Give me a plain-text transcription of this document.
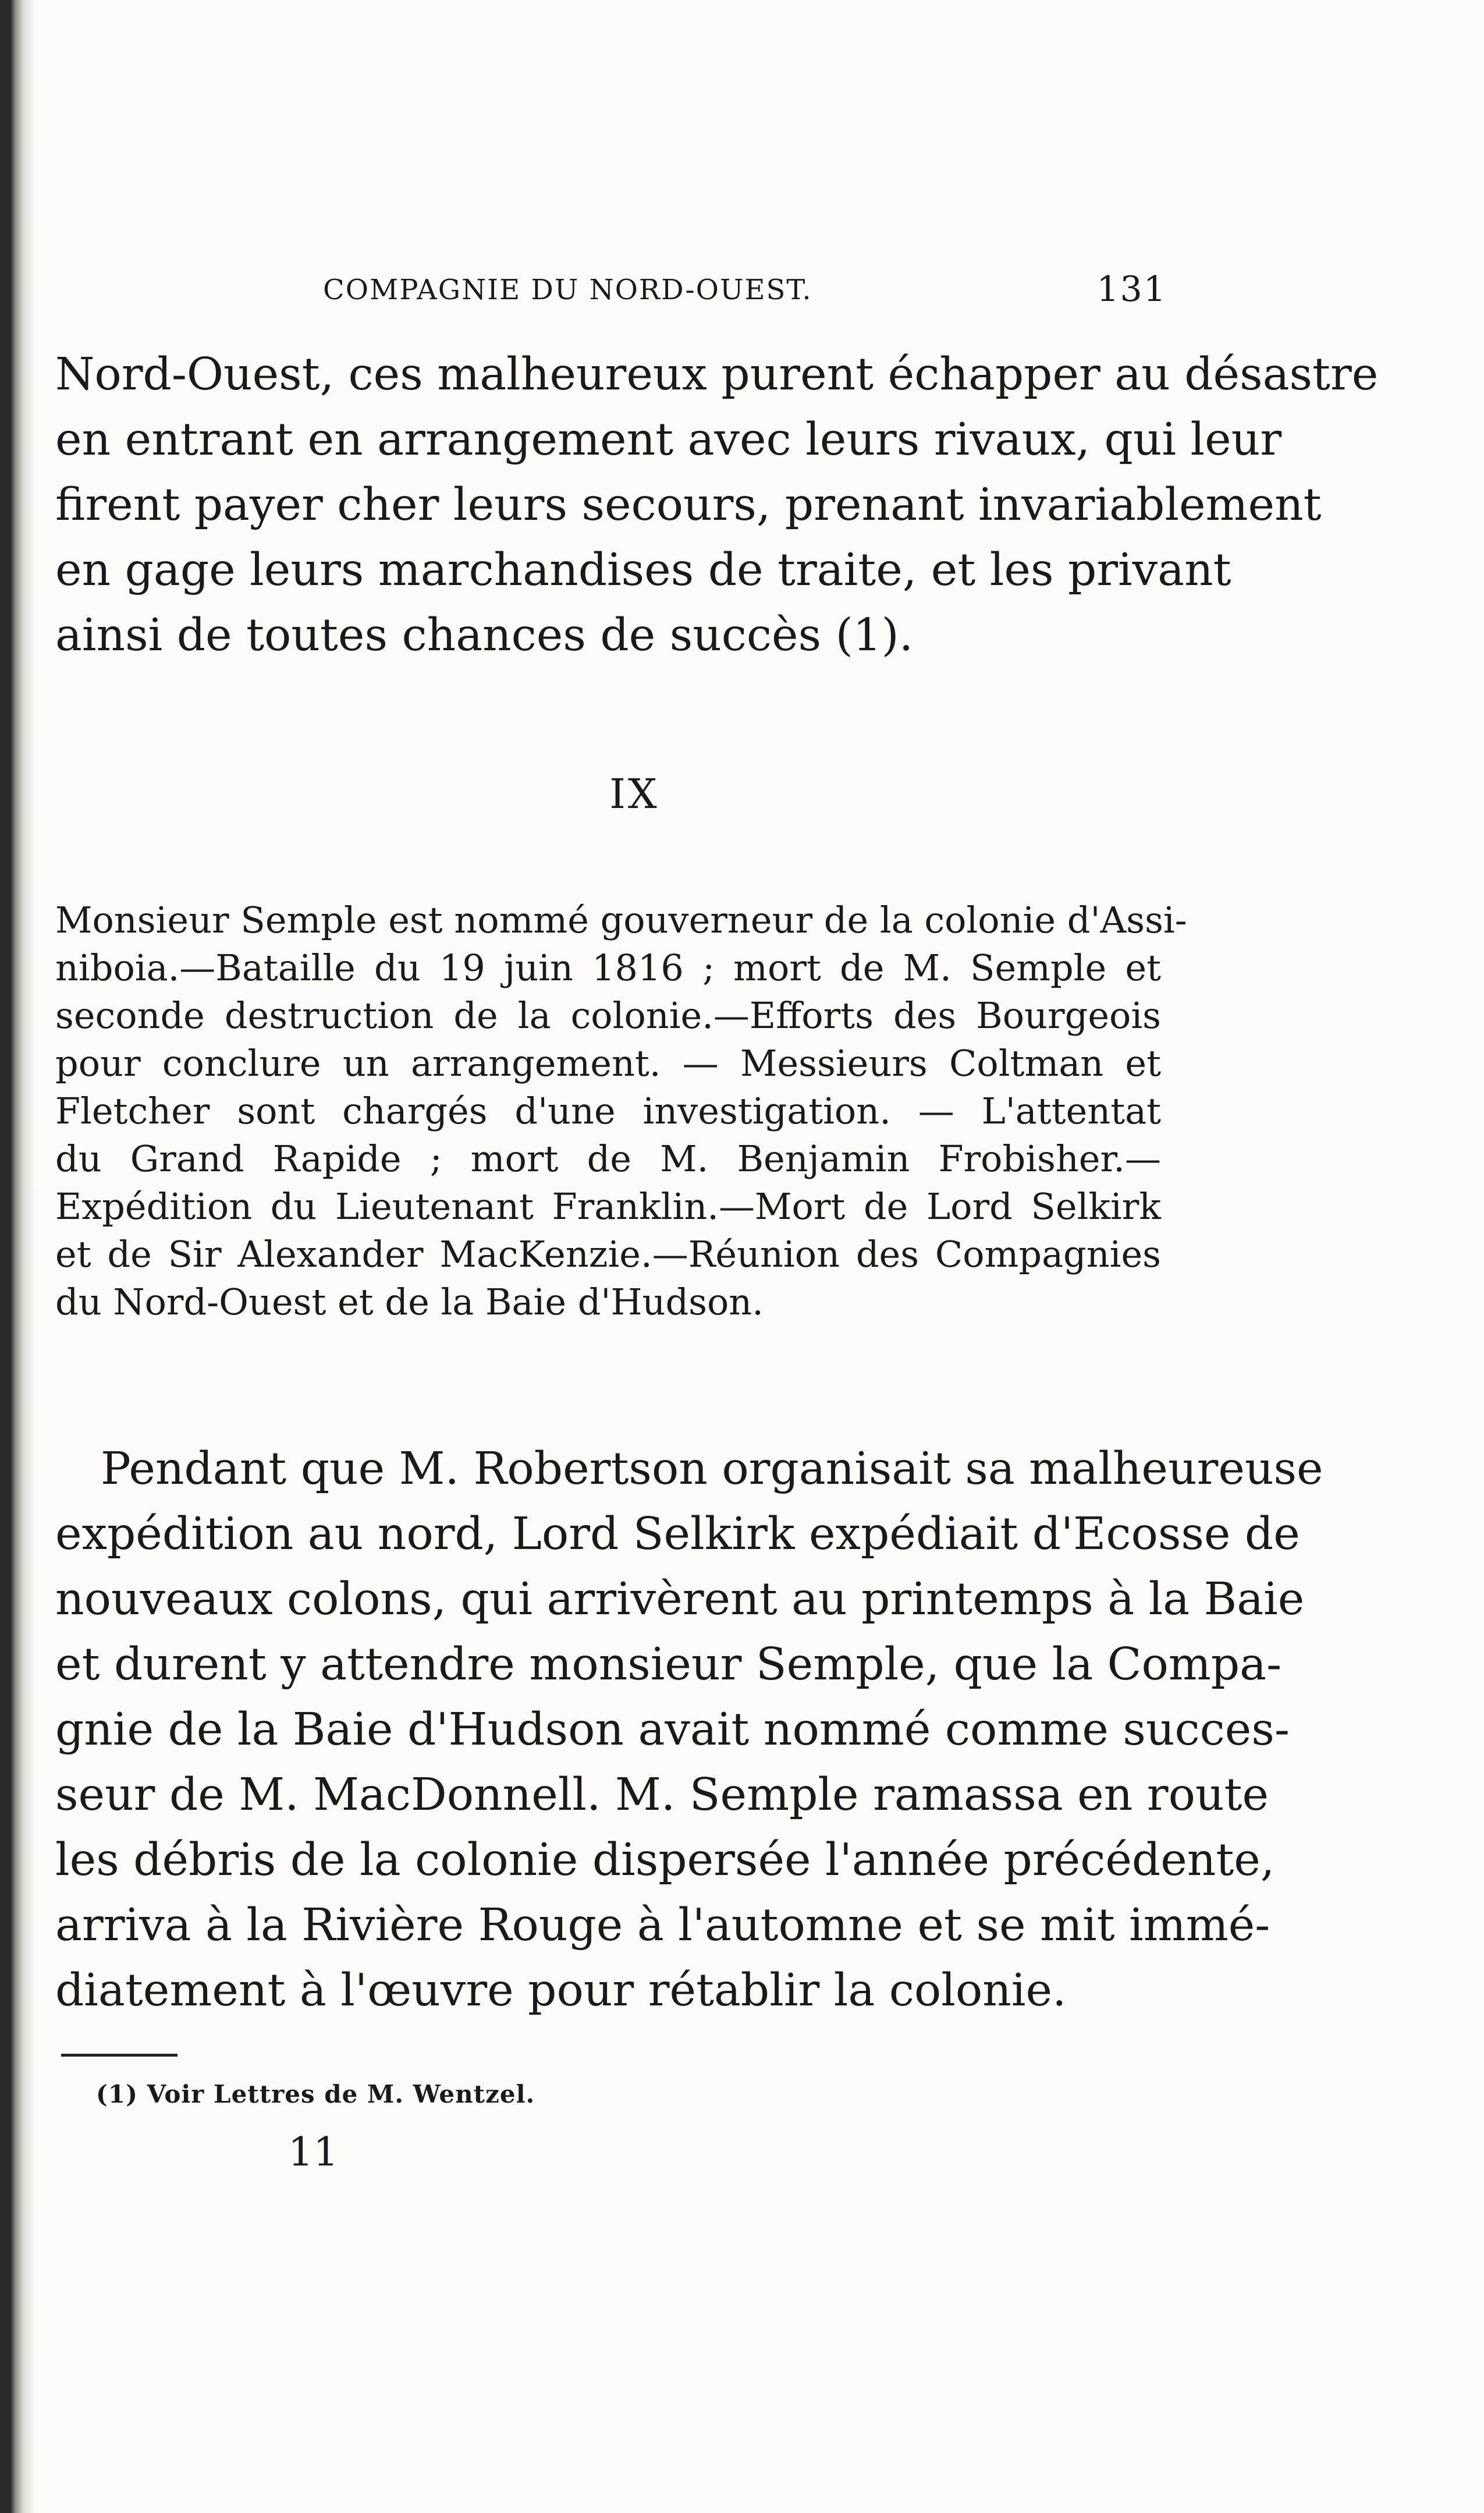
COMPAGNIE DU NORD-OUEST.	131

Nord-Ouest, ces malheureux purent échapper au désastre
en entrant en arrangement avec leurs rivaux, qui leur
firent payer cher leurs secours, prenant invariablement
en gage leurs marchandises de traite, et les privant
ainsi de toutes chances de succès (1).

IX

Monsieur Semple est nommé gouverneur de la colonie d'Assi-
niboia.—Bataille du 19 juin 1816 ; mort de M. Semple et
seconde destruction de la colonie.—Efforts des Bourgeois
pour conclure un arrangement. — Messieurs Coltman et
Fletcher sont chargés d'une investigation. — L'attentat
du Grand Rapide ; mort de M. Benjamin Frobisher.—
Expédition du Lieutenant Franklin.—Mort de Lord Selkirk
et de Sir Alexander MacKenzie.—Réunion des Compagnies
du Nord-Ouest et de la Baie d'Hudson.

Pendant que M. Robertson organisait sa malheureuse
expédition au nord, Lord Selkirk expédiait d'Ecosse de
nouveaux colons, qui arrivèrent au printemps à la Baie
et durent y attendre monsieur Semple, que la Compa-
gnie de la Baie d'Hudson avait nommé comme succes-
seur de M. MacDonnell. M. Semple ramassa en route
les débris de la colonie dispersée l'année précédente,
arriva à la Rivière Rouge à l'automne et se mit immé-
diatement à l'œuvre pour rétablir la colonie.

(1) Voir Lettres de M. Wentzel.
11
